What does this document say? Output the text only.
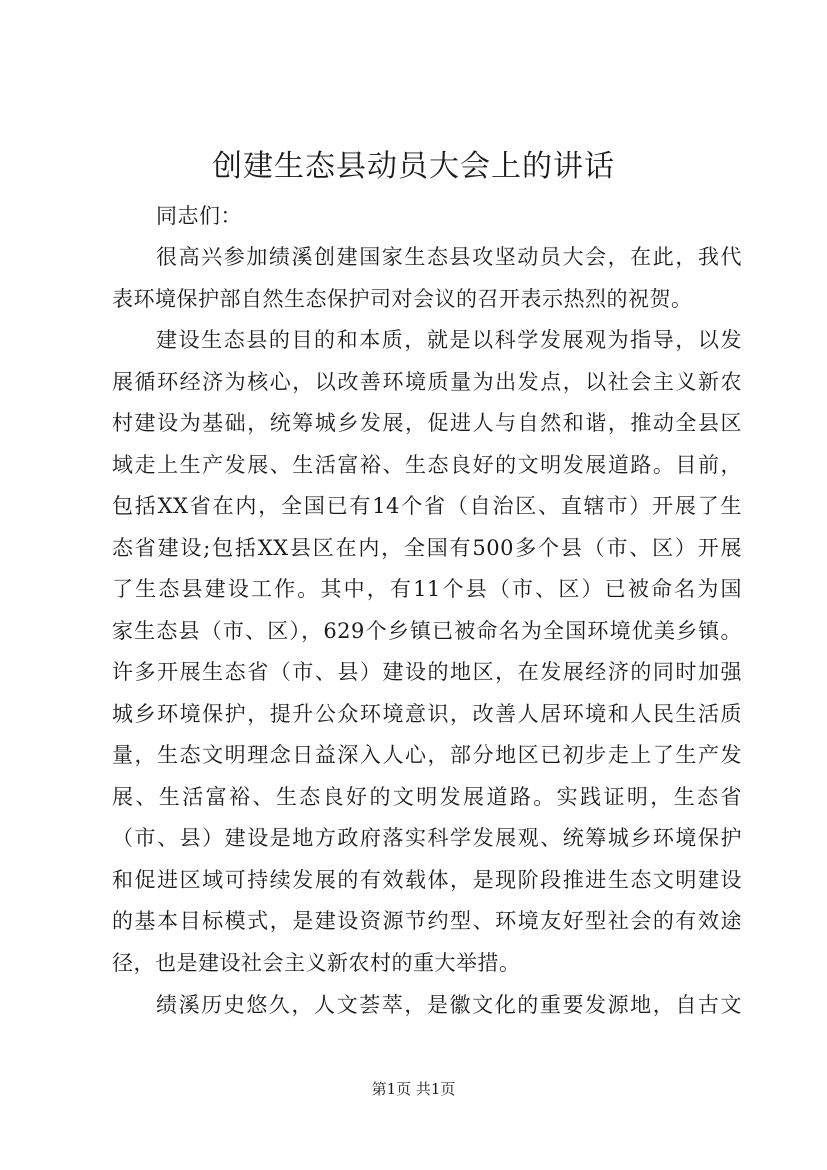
创建生态县动员大会上的讲话
同志们：
很高兴参加绩溪创建国家生态县攻坚动员大会，在此，我代
表环境保护部自然生态保护司对会议的召开表示热烈的祝贺。
建设生态县的目的和本质，就是以科学发展观为指导，以发
展循环经济为核心，以改善环境质量为出发点，以社会主义新农
村建设为基础，统筹城乡发展，促进人与自然和谐，推动全县区
域走上生产发展、生活富裕、生态良好的文明发展道路。目前，
包括XX省在内，全国已有14个省（自治区、直辖市）开展了生
态省建设;包括XX县区在内，全国有500多个县（市、区）开展
了生态县建设工作。其中，有11个县（市、区）已被命名为国
家生态县（市、区），629个乡镇已被命名为全国环境优美乡镇。
许多开展生态省（市、县）建设的地区，在发展经济的同时加强
城乡环境保护，提升公众环境意识，改善人居环境和人民生活质
量，生态文明理念日益深入人心，部分地区已初步走上了生产发
展、生活富裕、生态良好的文明发展道路。实践证明，生态省
（市、县）建设是地方政府落实科学发展观、统筹城乡环境保护
和促进区域可持续发展的有效载体，是现阶段推进生态文明建设
的基本目标模式，是建设资源节约型、环境友好型社会的有效途
径，也是建设社会主义新农村的重大举措。
绩溪历史悠久，人文荟萃，是徽文化的重要发源地，自古文
第1页 共1页
